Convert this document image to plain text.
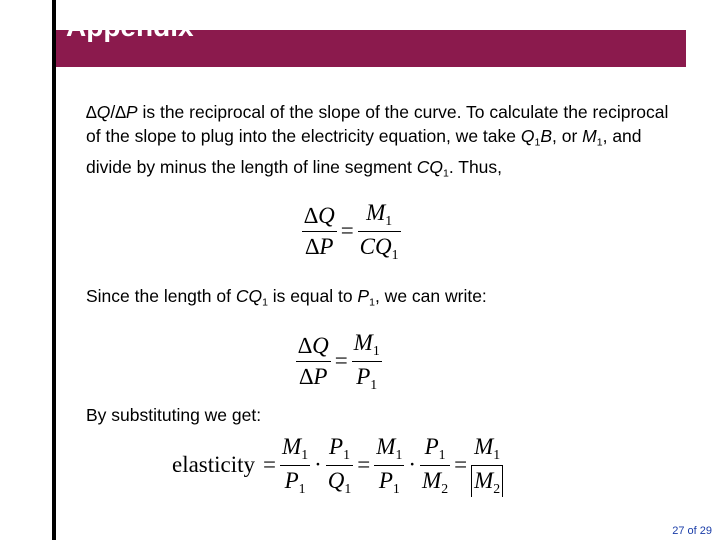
Appendix
∆Q/∆P is the reciprocal of the slope of the curve. To calculate the reciprocal of the slope to plug into the electricity equation, we take $Q_1B$, or $M_1$, and divide by minus the length of line segment $CQ_1$. Thus,
$\frac{\Delta Q}{\Delta P} = \frac{M_1}{CQ_1}$
Since the length of $CQ_1$ is equal to $P_1$, we can write:
$\frac{\Delta Q}{\Delta P} = \frac{M_1}{P_1}$
By substituting we get:
elasticity = $\frac{M_1}{P_1} \cdot \frac{P_1}{Q_1} = \frac{M_1}{P_1} \cdot \frac{P_1}{M_2} = \frac{M_1}{M_2}$
27 of 29
